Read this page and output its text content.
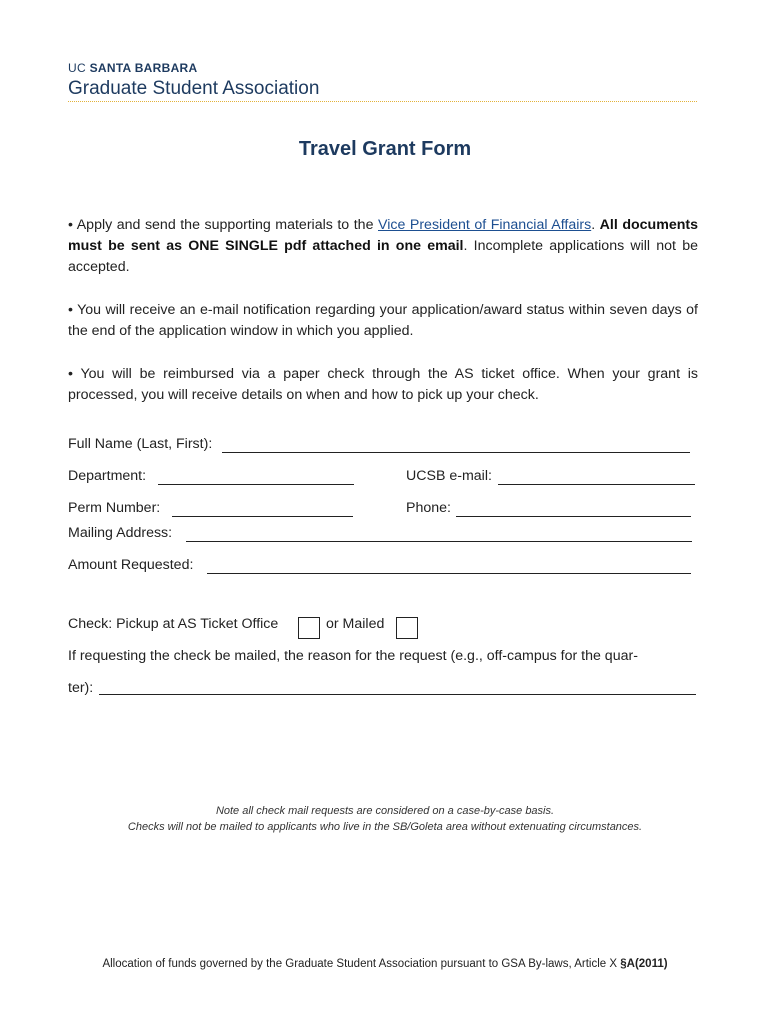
UC SANTA BARBARA
Graduate Student Association
Travel Grant Form
• Apply and send the supporting materials to the Vice President of Financial Affairs. All documents must be sent as ONE SINGLE pdf attached in one email. Incomplete applications will not be accepted.
• You will receive an e-mail notification regarding your application/award status within seven days of the end of the application window in which you applied.
• You will be reimbursed via a paper check through the AS ticket office. When your grant is processed, you will receive details on when and how to pick up your check.
Full Name (Last, First):
Department:	UCSB e-mail:
Perm Number:	Phone:
Mailing Address:
Amount Requested:
Check: Pickup at AS Ticket Office	or Mailed
If requesting the check be mailed, the reason for the request (e.g., off-campus for the quar-
ter):
Note all check mail requests are considered on a case-by-case basis.
Checks will not be mailed to applicants who live in the SB/Goleta area without extenuating circumstances.
Allocation of funds governed by the Graduate Student Association pursuant to GSA By-laws, Article X §A(2011)
